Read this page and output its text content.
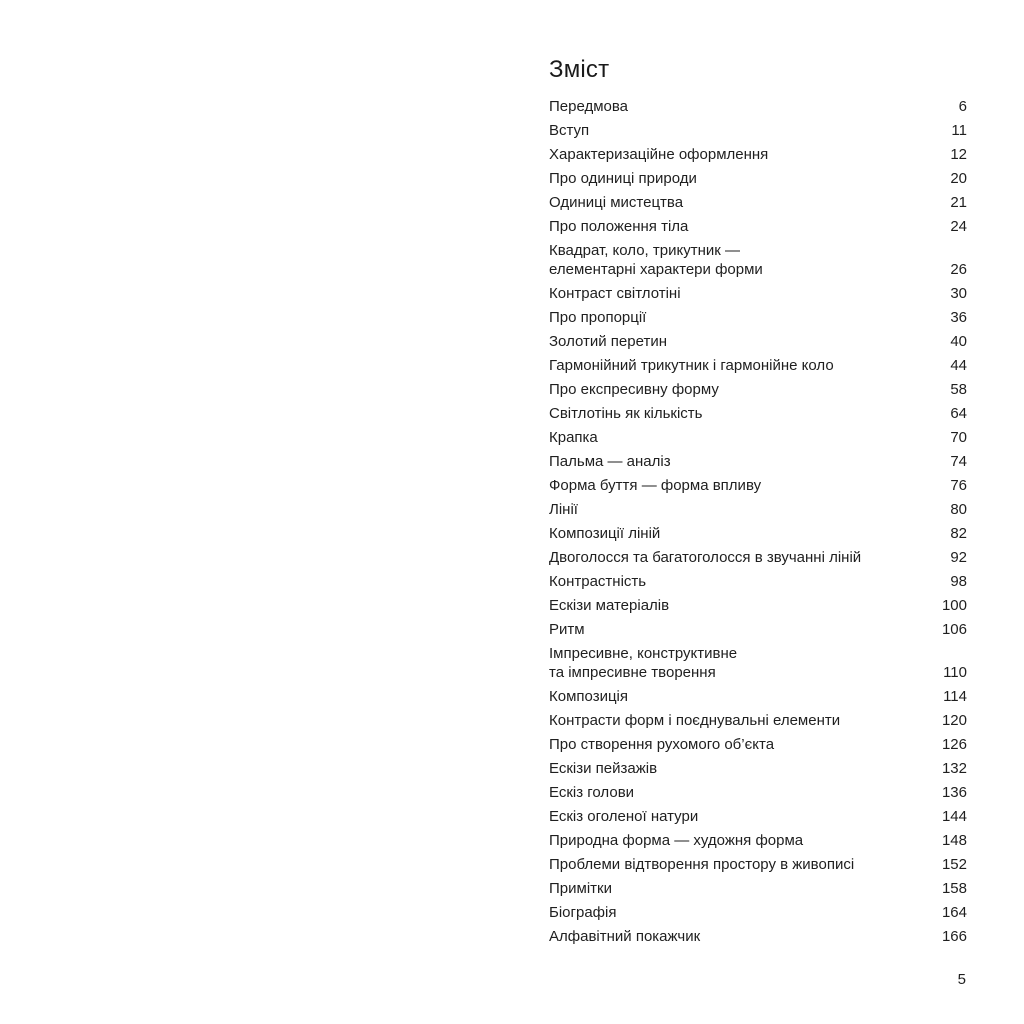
Зміст
Передмова	6
Вступ	11
Характеризаційне оформлення	12
Про одиниці природи	20
Одиниці мистецтва	21
Про положення тіла	24
Квадрат, коло, трикутник —
елементарні характери форми	26
Контраст світлотіні	30
Про пропорції	36
Золотий перетин	40
Гармонійний трикутник і гармонійне коло	44
Про експресивну форму	58
Світлотінь як кількість	64
Крапка	70
Пальма — аналіз	74
Форма буття — форма впливу	76
Лінії	80
Композиції ліній	82
Двоголосся та багатоголосся в звучанні ліній	92
Контрастність	98
Ескізи матеріалів	100
Ритм	106
Імпресивне, конструктивне
та імпресивне творення	110
Композиція	114
Контрасти форм і поєднувальні елементи	120
Про створення рухомого об’єкта	126
Ескізи пейзажів	132
Ескіз голови	136
Ескіз оголеної натури	144
Природна форма — художня форма	148
Проблеми відтворення простору в живописі	152
Примітки	158
Біографія	164
Алфавітний покажчик	166
5
